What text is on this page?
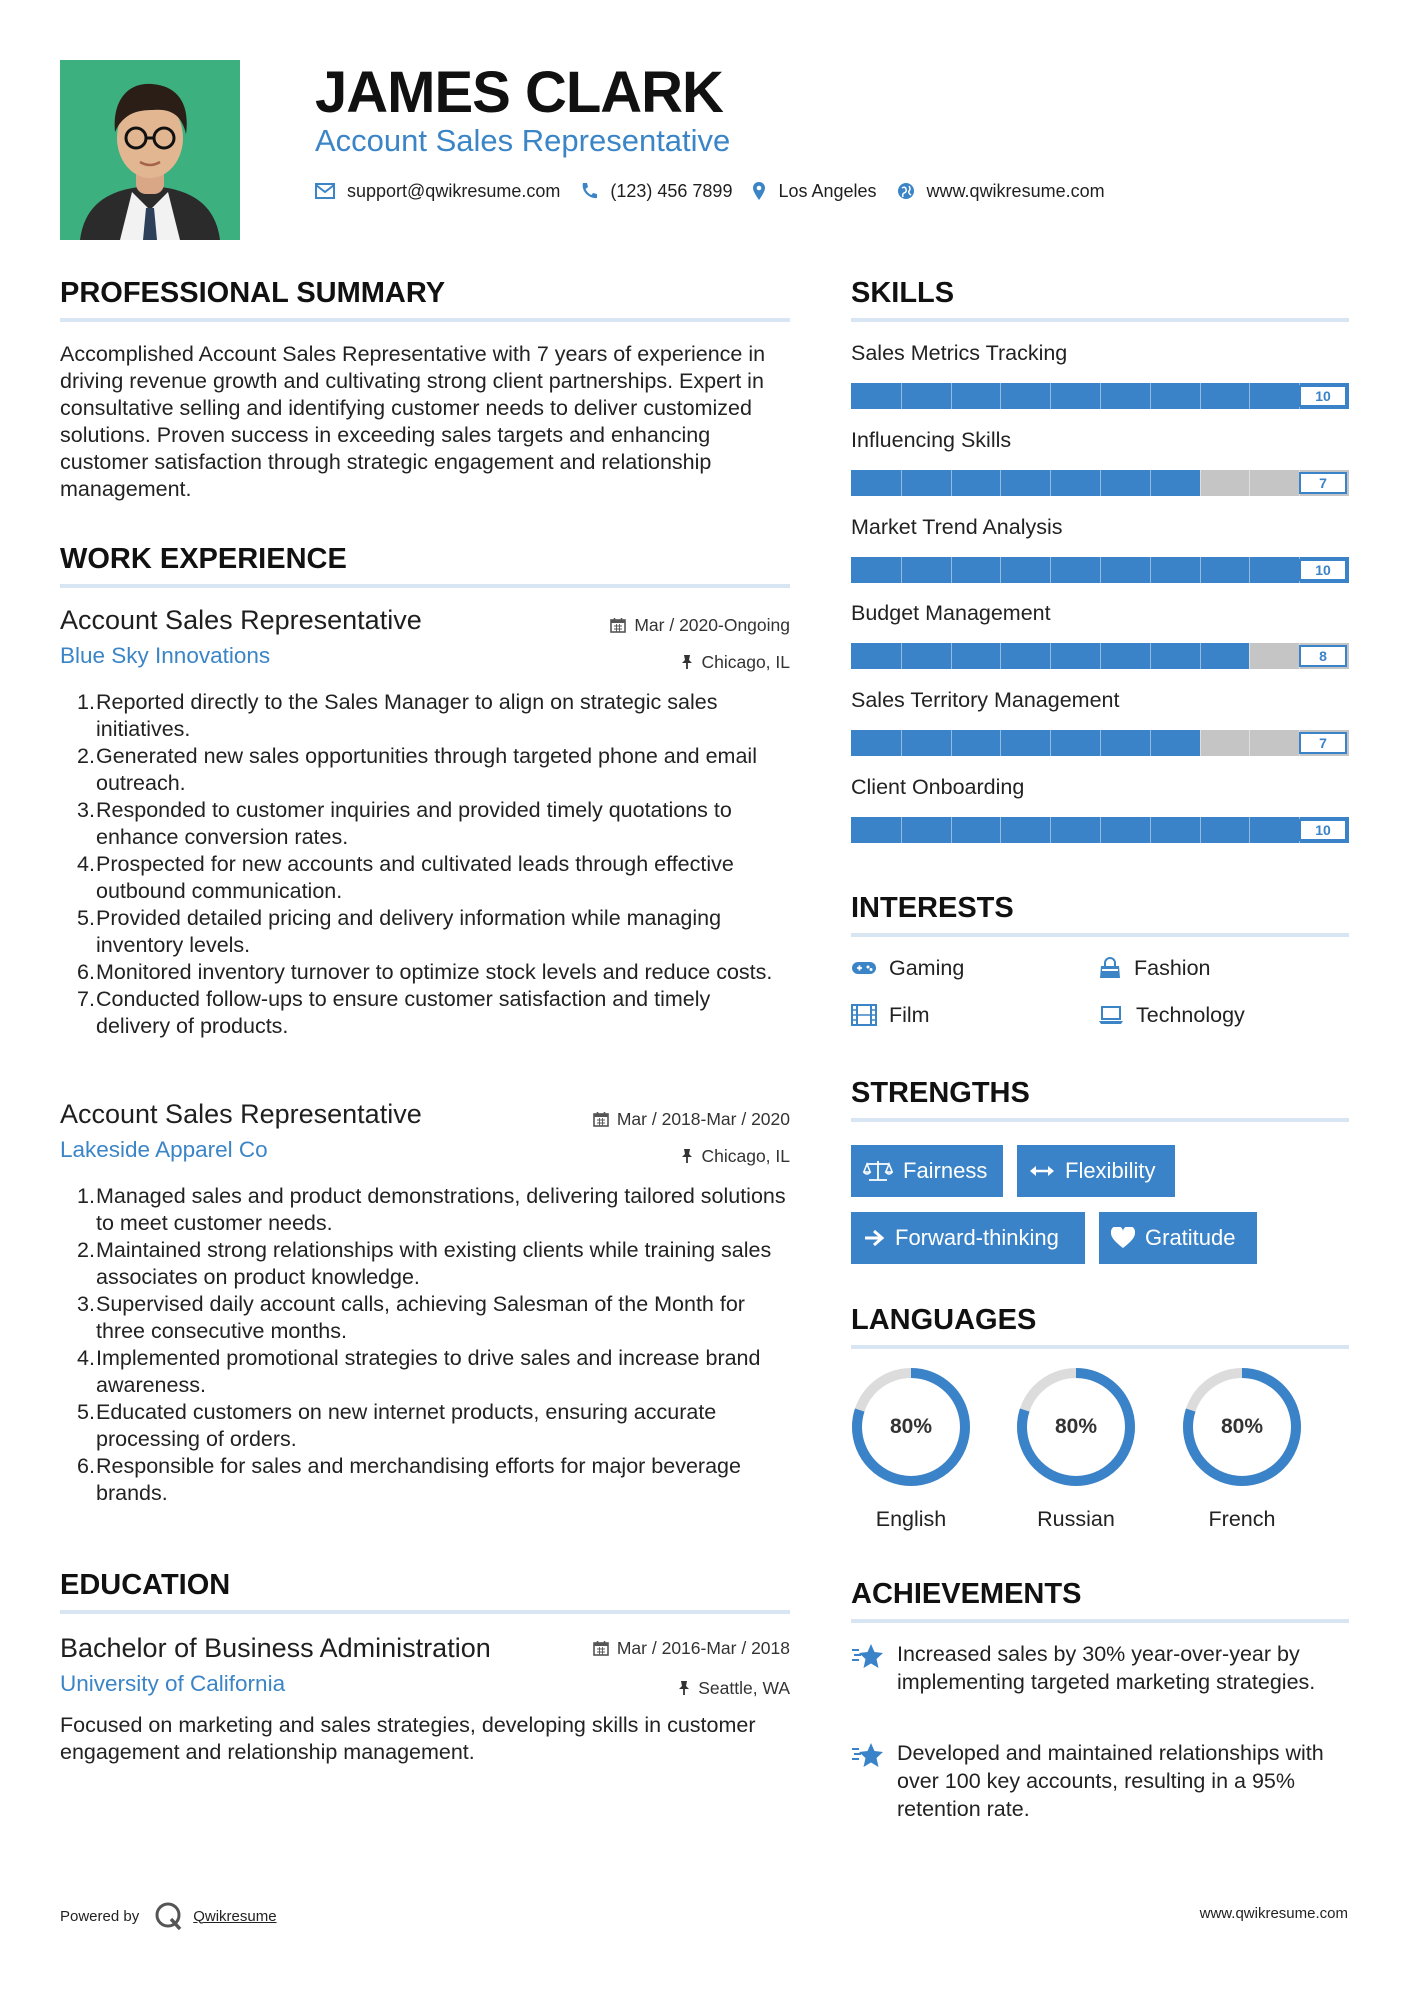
JAMES CLARK
Account Sales Representative
support@qwikresume.com	(123) 456 7899	Los Angeles	www.qwikresume.com
PROFESSIONAL SUMMARY
Accomplished Account Sales Representative with 7 years of experience in driving revenue growth and cultivating strong client partnerships. Expert in consultative selling and identifying customer needs to deliver customized solutions. Proven success in exceeding sales targets and enhancing customer satisfaction through strategic engagement and relationship management.
WORK EXPERIENCE
Account Sales Representative	Mar / 2020-Ongoing
Blue Sky Innovations	Chicago, IL
Reported directly to the Sales Manager to align on strategic sales initiatives.
Generated new sales opportunities through targeted phone and email outreach.
Responded to customer inquiries and provided timely quotations to enhance conversion rates.
Prospected for new accounts and cultivated leads through effective outbound communication.
Provided detailed pricing and delivery information while managing inventory levels.
Monitored inventory turnover to optimize stock levels and reduce costs.
Conducted follow-ups to ensure customer satisfaction and timely delivery of products.
Account Sales Representative	Mar / 2018-Mar / 2020
Lakeside Apparel Co	Chicago, IL
Managed sales and product demonstrations, delivering tailored solutions to meet customer needs.
Maintained strong relationships with existing clients while training sales associates on product knowledge.
Supervised daily account calls, achieving Salesman of the Month for three consecutive months.
Implemented promotional strategies to drive sales and increase brand awareness.
Educated customers on new internet products, ensuring accurate processing of orders.
Responsible for sales and merchandising efforts for major beverage brands.
EDUCATION
Bachelor of Business Administration	Mar / 2016-Mar / 2018
University of California	Seattle, WA
Focused on marketing and sales strategies, developing skills in customer engagement and relationship management.
SKILLS
Sales Metrics Tracking
10
Influencing Skills
7
Market Trend Analysis
10
Budget Management
8
Sales Territory Management
7
Client Onboarding
10
INTERESTS
Gaming	Fashion
Film	Technology
STRENGTHS
Fairness	Flexibility
Forward-thinking	Gratitude
LANGUAGES
80%
English
80%
Russian
80%
French
ACHIEVEMENTS
Increased sales by 30% year-over-year by implementing targeted marketing strategies.
Developed and maintained relationships with over 100 key accounts, resulting in a 95% retention rate.
Powered by	Qwikresume	www.qwikresume.com
